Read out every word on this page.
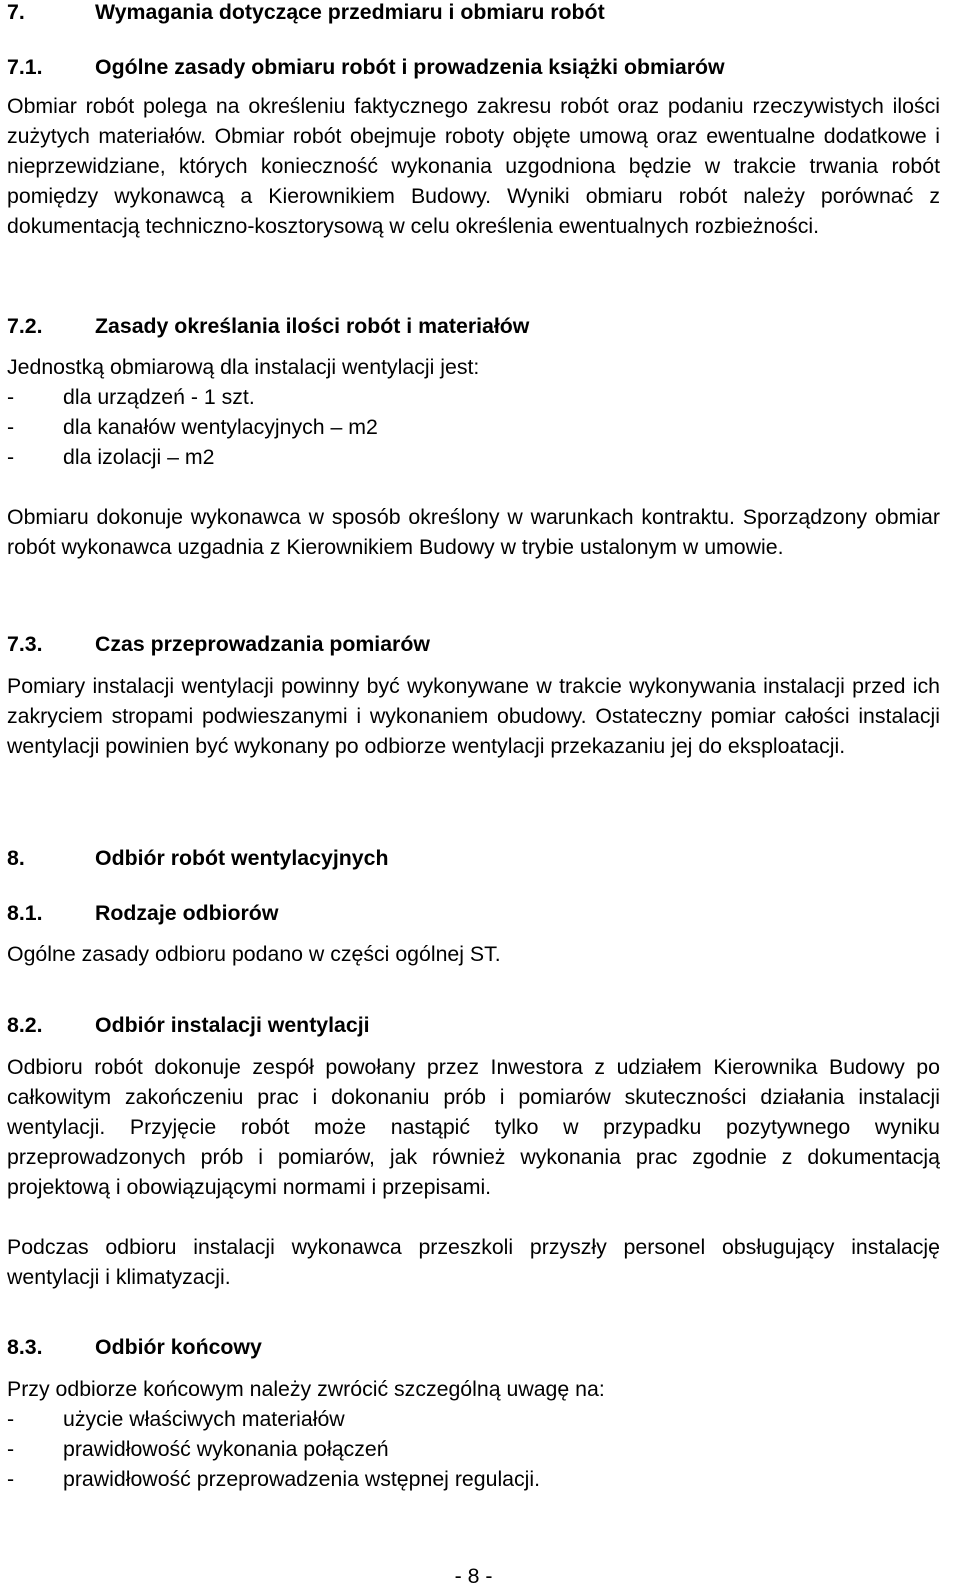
7.	Wymagania dotyczące przedmiaru i obmiaru robót
7.1. Ogólne zasady obmiaru robót i prowadzenia książki obmiarów

Obmiar robót polega na określeniu faktycznego zakresu robót oraz podaniu rzeczywistych ilości zużytych materiałów. Obmiar robót obejmuje roboty objęte umową oraz ewentualne dodatkowe i nieprzewidziane, których konieczność wykonania uzgodniona będzie w trakcie trwania robót pomiędzy wykonawcą a Kierownikiem Budowy. Wyniki obmiaru robót należy porównać z dokumentacją techniczno-kosztorysową w celu określenia ewentualnych rozbieżności.

7.2. Zasady określania ilości robót i materiałów

Jednostką obmiarową dla instalacji wentylacji jest:

- dla urządzeń - 1 szt.
- dla kanałów wentylacyjnych – m2
- dla izolacji – m2

Obmiaru dokonuje wykonawca w sposób określony w warunkach kontraktu. Sporządzony obmiar robót wykonawca uzgadnia z Kierownikiem Budowy w trybie ustalonym w umowie.

7.3. Czas przeprowadzania pomiarów

Pomiary instalacji wentylacji powinny być wykonywane w trakcie wykonywania instalacji przed ich zakryciem stropami podwieszanymi i wykonaniem obudowy. Ostateczny pomiar całości instalacji wentylacji powinien być wykonany po odbiorze wentylacji przekazaniu jej do eksploatacji.

8.	Odbiór robót wentylacyjnych
8.1. Rodzaje odbiorów

Ogólne zasady odbioru podano w części ogólnej ST.

8.2. Odbiór instalacji wentylacji

Odbioru robót dokonuje zespół powołany przez Inwestora z udziałem Kierownika Budowy po całkowitym zakończeniu prac i dokonaniu prób i pomiarów skuteczności działania instalacji wentylacji. Przyjęcie robót może nastąpić tylko w przypadku pozytywnego wyniku przeprowadzonych prób i pomiarów, jak również wykonania prac zgodnie z dokumentacją projektową i obowiązującymi normami i przepisami.

Podczas odbioru instalacji wykonawca przeszkoli przyszły personel obsługujący instalację wentylacji i klimatyzacji.

8.3. Odbiór końcowy

Przy odbiorze końcowym należy zwrócić szczególną uwagę na:

- użycie właściwych materiałów
- prawidłowość wykonania połączeń
- prawidłowość przeprowadzenia wstępnej regulacji.
- 8 -
